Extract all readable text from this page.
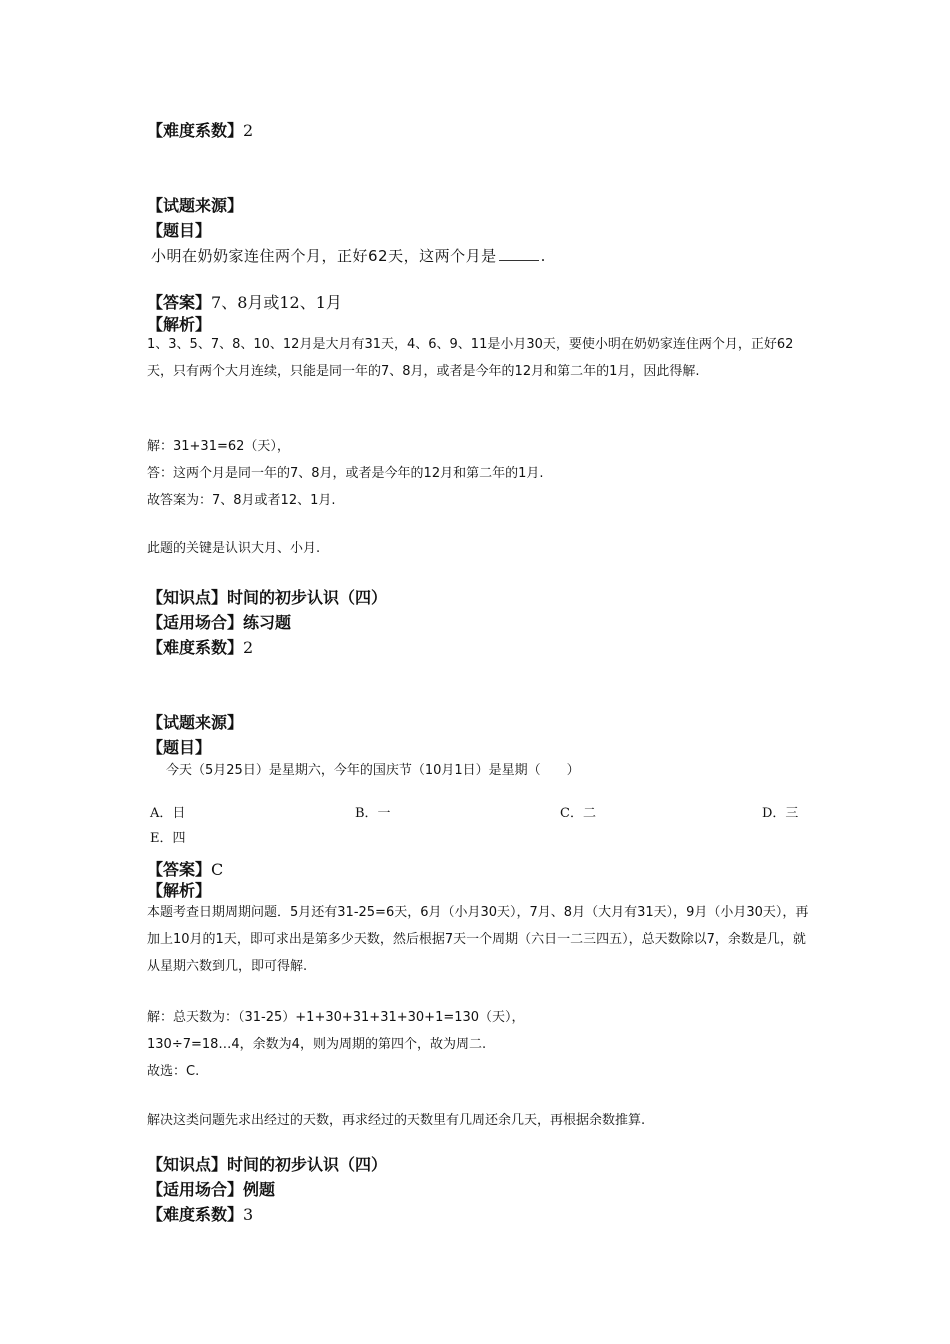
【难度系数】2
【试题来源】
【题目】
小明在奶奶家连住两个月，正好62天，这两个月是	.
【答案】7、8月或12、1月
【解析】
1、3、5、7、8、10、12月是大月有31天，4、6、9、11是小月30天，要使小明在奶奶家连住两个月，正好62天，只有两个大月连续，只能是同一年的7、8月，或者是今年的12月和第二年的1月，因此得解.
解：31+31=62（天），
答：这两个月是同一年的7、8月，或者是今年的12月和第二年的1月.
故答案为：7、8月或者12、1月.
此题的关键是认识大月、小月.
【知识点】时间的初步认识（四）
【适用场合】练习题
【难度系数】2
【试题来源】
【题目】
今天（5月25日）是星期六，今年的国庆节（10月1日）是星期（　　）
A．日	B．一	C．二	D．三
E．四
【答案】C
【解析】
本题考查日期周期问题．5月还有31-25=6天，6月（小月30天），7月、8月（大月有31天），9月（小月30天），再加上10月的1天，即可求出是第多少天数，然后根据7天一个周期（六日一二三四五），总天数除以7，余数是几，就从星期六数到几，即可得解.
解：总天数为：（31-25）+1+30+31+31+30+1=130（天），
130÷7=18…4，余数为4，则为周期的第四个，故为周二.
故选：C.
解决这类问题先求出经过的天数，再求经过的天数里有几周还余几天，再根据余数推算.
【知识点】时间的初步认识（四）
【适用场合】例题
【难度系数】3
